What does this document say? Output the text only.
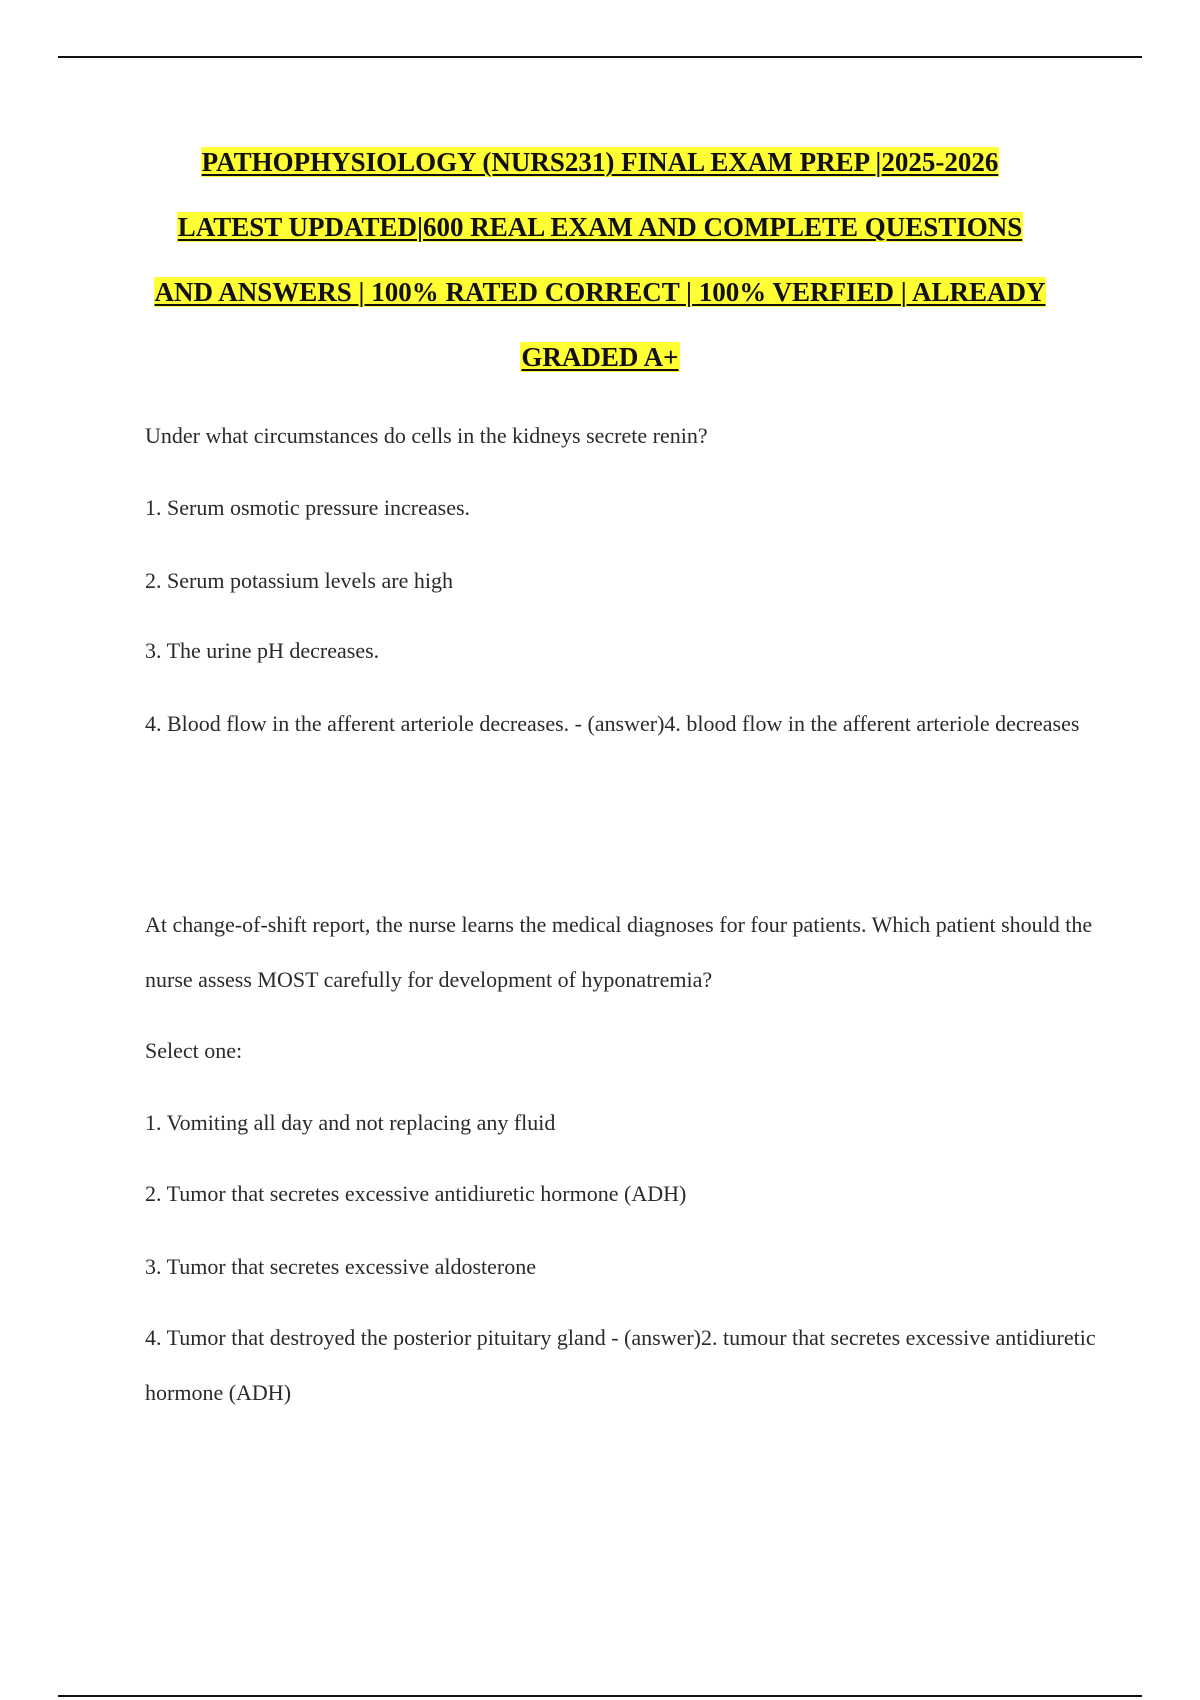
PATHOPHYSIOLOGY (NURS231) FINAL EXAM PREP |2025-2026
LATEST UPDATED|600 REAL EXAM AND COMPLETE QUESTIONS
AND ANSWERS | 100% RATED CORRECT | 100% VERFIED | ALREADY
GRADED A+

Under what circumstances do cells in the kidneys secrete renin?

1. Serum osmotic pressure increases.

2. Serum potassium levels are high

3. The urine pH decreases.

4. Blood flow in the afferent arteriole decreases. - (answer)4. blood flow in the afferent arteriole decreases

At change-of-shift report, the nurse learns the medical diagnoses for four patients. Which patient should the nurse assess MOST carefully for development of hyponatremia?

Select one:

1. Vomiting all day and not replacing any fluid

2. Tumor that secretes excessive antidiuretic hormone (ADH)

3. Tumor that secretes excessive aldosterone

4. Tumor that destroyed the posterior pituitary gland - (answer)2. tumour that secretes excessive antidiuretic hormone (ADH)
